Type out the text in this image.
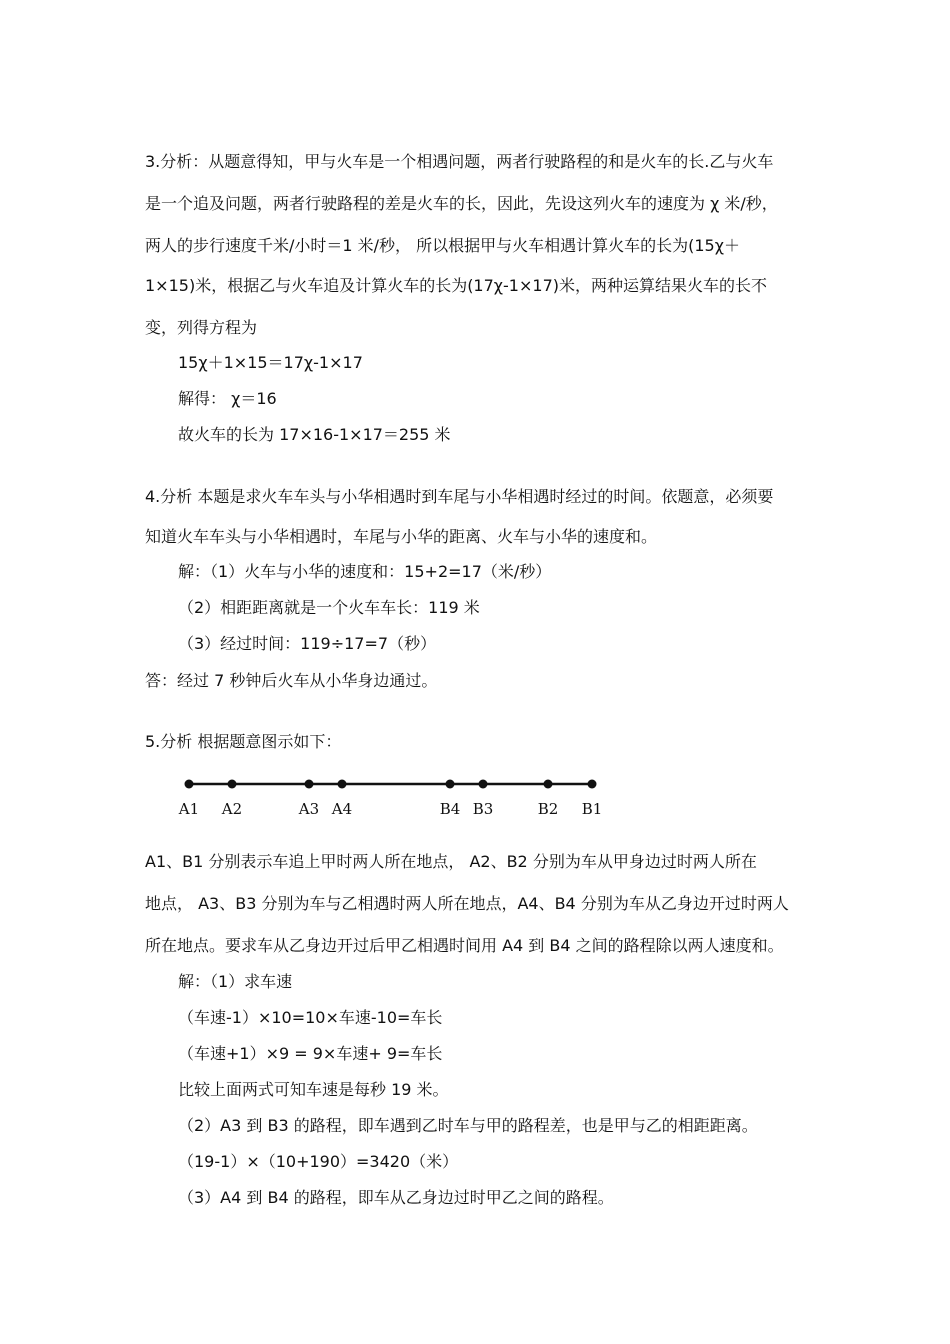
3.分析：从题意得知，甲与火车是一个相遇问题，两者行驶路程的和是火车的长.乙与火车
是一个追及问题，两者行驶路程的差是火车的长，因此，先设这列火车的速度为 χ 米/秒，
两人的步行速度千米/小时＝1 米/秒， 所以根据甲与火车相遇计算火车的长为(15χ＋
1×15)米，根据乙与火车追及计算火车的长为(17χ-1×17)米，两种运算结果火车的长不
变，列得方程为
15χ＋1×15＝17χ-1×17
解得： χ＝16
故火车的长为 17×16-1×17＝255 米
4.分析 本题是求火车车头与小华相遇时到车尾与小华相遇时经过的时间。依题意，必须要
知道火车车头与小华相遇时，车尾与小华的距离、火车与小华的速度和。
解：（1）火车与小华的速度和：15+2=17（米/秒）
（2）相距距离就是一个火车车长：119 米
（3）经过时间：119÷17=7（秒）
答：经过 7 秒钟后火车从小华身边通过。
5.分析 根据题意图示如下：
A1 A2	A3 A4	B4 B3	B2 B1
A1、B1 分别表示车追上甲时两人所在地点， A2、B2 分别为车从甲身边过时两人所在
地点， A3、B3 分别为车与乙相遇时两人所在地点，A4、B4 分别为车从乙身边开过时两人
所在地点。要求车从乙身边开过后甲乙相遇时间用 A4 到 B4 之间的路程除以两人速度和。
解：（1）求车速
（车速-1）×10=10×车速-10=车长
（车速+1）×9 = 9×车速+ 9=车长
比较上面两式可知车速是每秒 19 米。
（2）A3 到 B3 的路程，即车遇到乙时车与甲的路程差，也是甲与乙的相距距离。
（19-1）×（10+190）=3420（米）
（3）A4 到 B4 的路程，即车从乙身边过时甲乙之间的路程。
